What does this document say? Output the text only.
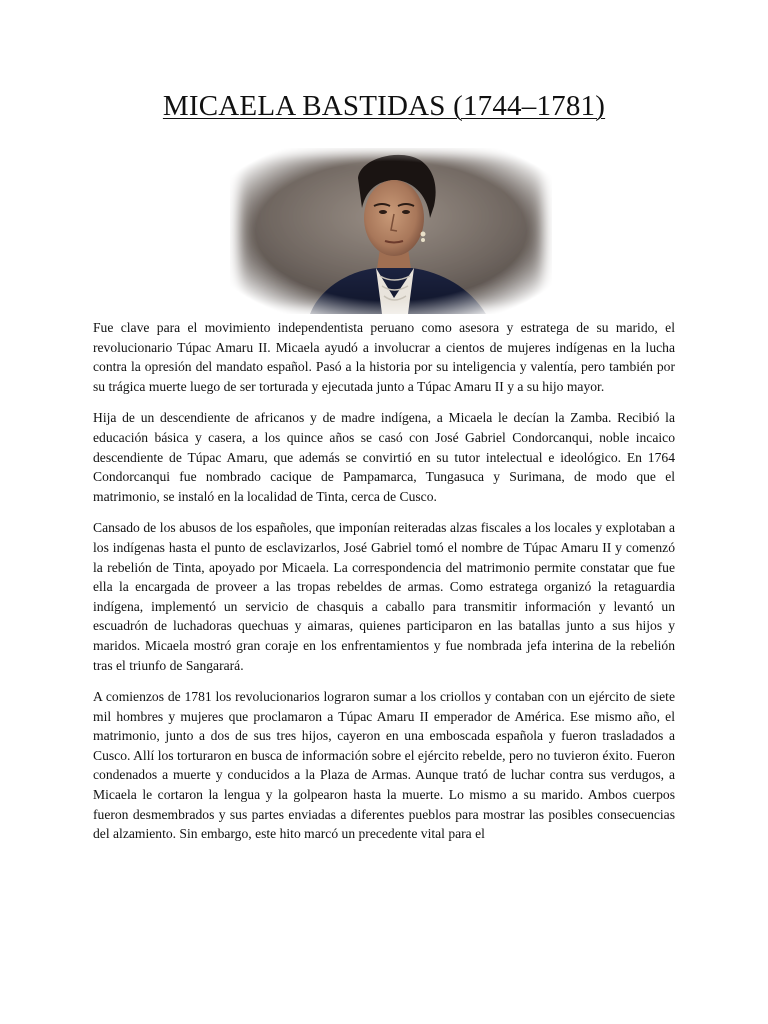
MICAELA BASTIDAS (1744–1781)

Fue clave para el movimiento independentista peruano como asesora y estratega de su marido, el revolucionario Túpac Amaru II. Micaela ayudó a involucrar a cientos de mujeres indígenas en la lucha contra la opresión del mandato español. Pasó a la historia por su inteligencia y valentía, pero también por su trágica muerte luego de ser torturada y ejecutada junto a Túpac Amaru II y a su hijo mayor.

Hija de un descendiente de africanos y de madre indígena, a Micaela le decían la Zamba. Recibió la educación básica y casera, a los quince años se casó con José Gabriel Condorcanqui, noble incaico descendiente de Túpac Amaru, que además se convirtió en su tutor intelectual e ideológico. En 1764 Condorcanqui fue nombrado cacique de Pampamarca, Tungasuca y Surimana, de modo que el matrimonio, se instaló en la localidad de Tinta, cerca de Cusco.

Cansado de los abusos de los españoles, que imponían reiteradas alzas fiscales a los locales y explotaban a los indígenas hasta el punto de esclavizarlos, José Gabriel tomó el nombre de Túpac Amaru II y comenzó la rebelión de Tinta, apoyado por Micaela. La correspondencia del matrimonio permite constatar que fue ella la encargada de proveer a las tropas rebeldes de armas. Como estratega organizó la retaguardia indígena, implementó un servicio de chasquis a caballo para transmitir información y levantó un escuadrón de luchadoras quechuas y aimaras, quienes participaron en las batallas junto a sus hijos y maridos. Micaela mostró gran coraje en los enfrentamientos y fue nombrada jefa interina de la rebelión tras el triunfo de Sangarará.

A comienzos de 1781 los revolucionarios lograron sumar a los criollos y contaban con un ejército de siete mil hombres y mujeres que proclamaron a Túpac Amaru II emperador de América. Ese mismo año, el matrimonio, junto a dos de sus tres hijos, cayeron en una emboscada española y fueron trasladados a Cusco. Allí los torturaron en busca de información sobre el ejército rebelde, pero no tuvieron éxito. Fueron condenados a muerte y conducidos a la Plaza de Armas. Aunque trató de luchar contra sus verdugos, a Micaela le cortaron la lengua y la golpearon hasta la muerte. Lo mismo a su marido. Ambos cuerpos fueron desmembrados y sus partes enviadas a diferentes pueblos para mostrar las posibles consecuencias del alzamiento. Sin embargo, este hito marcó un precedente vital para el
